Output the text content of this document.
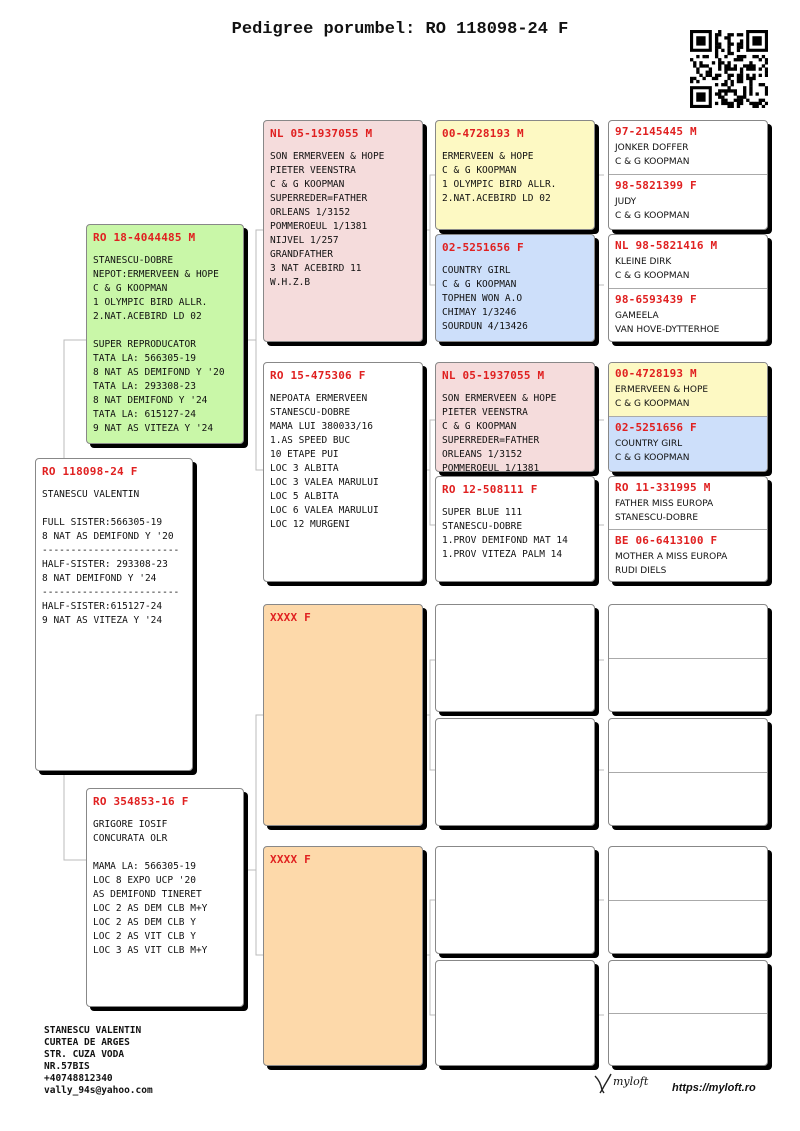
Pedigree porumbel: RO 118098-24 F
RO 118098-24 F
STANESCU VALENTIN

FULL SISTER:566305-19
8 NAT AS DEMIFOND Y '20
------------------------
HALF-SISTER: 293308-23
8 NAT DEMIFOND Y '24
------------------------
HALF-SISTER:615127-24
9 NAT AS VITEZA Y '24
RO 18-4044485 M
STANESCU-DOBRE
NEPOT:ERMERVEEN & HOPE
C & G KOOPMAN
1 OLYMPIC BIRD ALLR.
2.NAT.ACEBIRD LD 02

SUPER REPRODUCATOR
TATA LA: 566305-19
8 NAT AS DEMIFOND Y '20
TATA LA: 293308-23
8 NAT DEMIFOND Y '24
TATA LA: 615127-24
9 NAT AS VITEZA Y '24
RO 354853-16 F
GRIGORE IOSIF
CONCURATA OLR

MAMA LA: 566305-19
LOC 8 EXPO UCP '20
AS DEMIFOND TINERET
LOC 2 AS DEM CLB M+Y
LOC 2 AS DEM CLB Y
LOC 2 AS VIT CLB Y
LOC 3 AS VIT CLB M+Y
NL 05-1937055 M
SON ERMERVEEN & HOPE
PIETER VEENSTRA
C & G KOOPMAN
SUPERREDER=FATHER
ORLEANS 1/3152
POMMEROEUL 1/1381
NIJVEL 1/257
GRANDFATHER
3 NAT ACEBIRD 11
W.H.Z.B
RO 15-475306 F
NEPOATA ERMERVEEN
STANESCU-DOBRE
MAMA LUI 380033/16
1.AS SPEED BUC
10 ETAPE PUI
LOC 3 ALBITA
LOC 3 VALEA MARULUI
LOC 5 ALBITA
LOC 6 VALEA MARULUI
LOC 12 MURGENI
XXXX F
XXXX F
00-4728193 M
ERMERVEEN & HOPE
C & G KOOPMAN
1 OLYMPIC BIRD ALLR.
2.NAT.ACEBIRD LD 02
02-5251656 F
COUNTRY GIRL
C & G KOOPMAN
TOPHEN WON A.O
CHIMAY 1/3246
SOURDUN 4/13426
NL 05-1937055 M
SON ERMERVEEN & HOPE
PIETER VEENSTRA
C & G KOOPMAN
SUPERREDER=FATHER
ORLEANS 1/3152
POMMEROEUL 1/1381
RO 12-508111 F
SUPER BLUE 111
STANESCU-DOBRE
1.PROV DEMIFOND MAT 14
1.PROV VITEZA PALM 14
97-2145445 M
JONKER DOFFER
C & G KOOPMAN
98-5821399 F
JUDY
C & G KOOPMAN
NL 98-5821416 M
KLEINE DIRK
C & G KOOPMAN
98-6593439 F
GAMEELA
VAN HOVE-DYTTERHOE
00-4728193 M
ERMERVEEN & HOPE
C & G KOOPMAN
02-5251656 F
COUNTRY GIRL
C & G KOOPMAN
RO 11-331995 M
FATHER MISS EUROPA
STANESCU-DOBRE
BE 06-6413100 F
MOTHER A MISS EUROPA
RUDI DIELS
STANESCU VALENTIN
CURTEA DE ARGES
STR. CUZA VODA
NR.57BIS
+40748812340
vally_94s@yahoo.com
myloft https://myloft.ro
